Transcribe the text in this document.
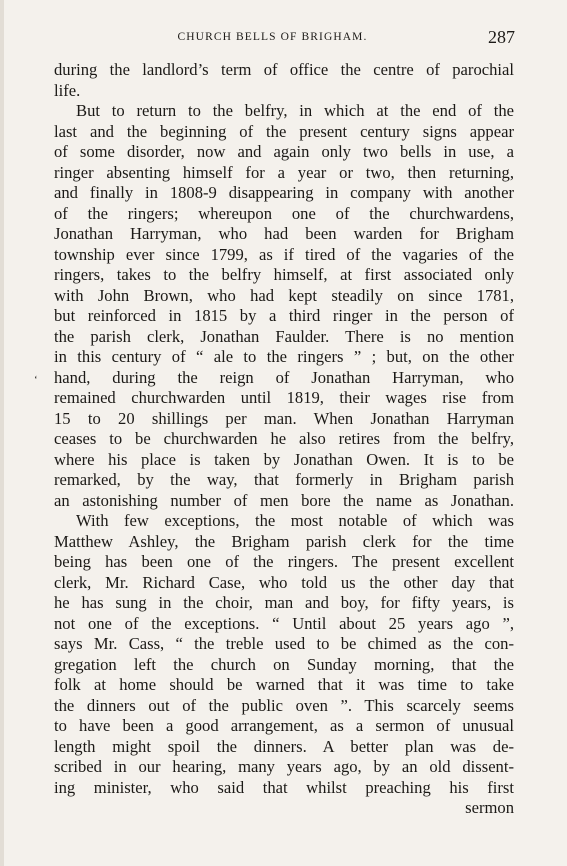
CHURCH BELLS OF BRIGHAM.	287
‘
during the landlord’s term of office the centre of parochial
life.
But to return to the belfry, in which at the end of the
last and the beginning of the present century signs appear
of some disorder, now and again only two bells in use, a
ringer absenting himself for a year or two, then returning,
and finally in 1808-9 disappearing in company with another
of the ringers; whereupon one of the churchwardens,
Jonathan Harryman, who had been warden for Brigham
township ever since 1799, as if tired of the vagaries of the
ringers, takes to the belfry himself, at first associated only
with John Brown, who had kept steadily on since 1781,
but reinforced in 1815 by a third ringer in the person of
the parish clerk, Jonathan Faulder. There is no mention
in this century of “ ale to the ringers ” ; but, on the other
hand, during the reign of Jonathan Harryman, who
remained churchwarden until 1819, their wages rise from
15 to 20 shillings per man. When Jonathan Harryman
ceases to be churchwarden he also retires from the belfry,
where his place is taken by Jonathan Owen. It is to be
remarked, by the way, that formerly in Brigham parish
an astonishing number of men bore the name as Jonathan.
With few exceptions, the most notable of which was
Matthew Ashley, the Brigham parish clerk for the time
being has been one of the ringers. The present excellent
clerk, Mr. Richard Case, who told us the other day that
he has sung in the choir, man and boy, for fifty years, is
not one of the exceptions. “ Until about 25 years ago ”,
says Mr. Cass, “ the treble used to be chimed as the con-
gregation left the church on Sunday morning, that the
folk at home should be warned that it was time to take
the dinners out of the public oven ”. This scarcely seems
to have been a good arrangement, as a sermon of unusual
length might spoil the dinners. A better plan was de-
scribed in our hearing, many years ago, by an old dissent-
ing minister, who said that whilst preaching his first
sermon
